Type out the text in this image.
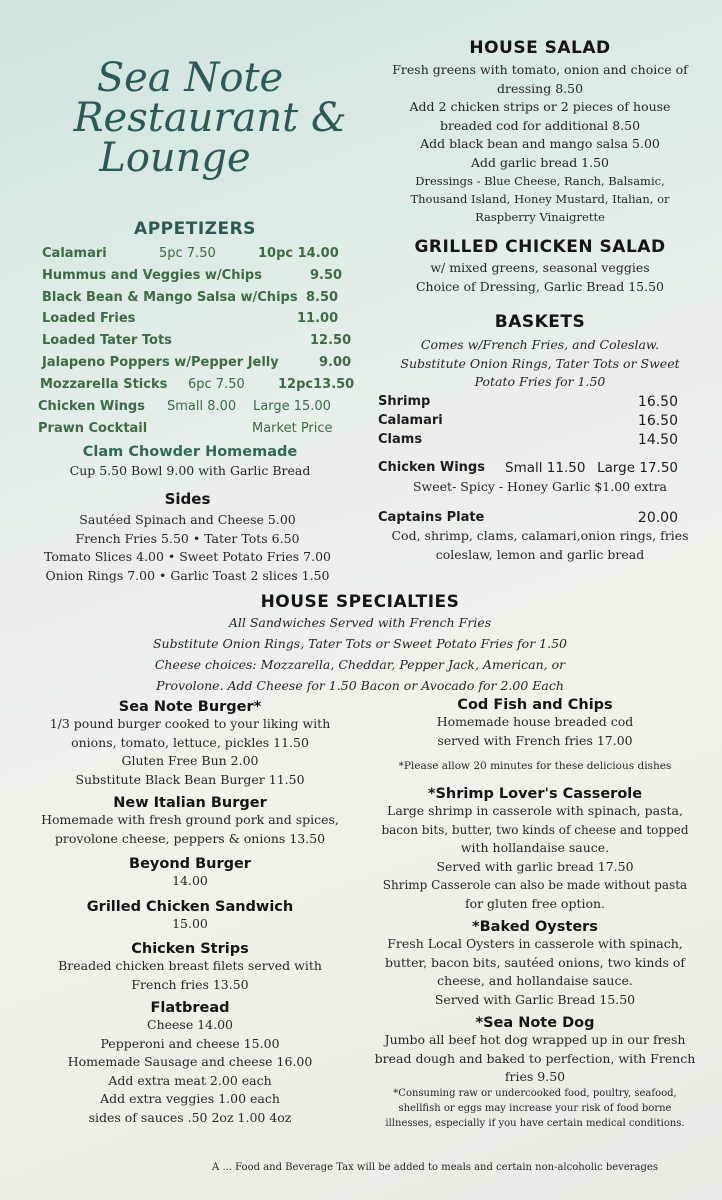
Sea Note
Restaurant &
Lounge
APPETIZERS
Calamari	5pc 7.50	10pc 14.00
Hummus and Veggies w/Chips	9.50
Black Bean & Mango Salsa w/Chips 8.50
Loaded Fries	11.00
Loaded Tater Tots	12.50
Jalapeno Poppers w/Pepper Jelly	9.00
Mozzarella Sticks 6pc 7.50	12pc13.50
Chicken Wings Small 8.00 Large 15.00
Prawn Cocktail	Market Price
Clam Chowder Homemade
Cup 5.50 Bowl 9.00 with Garlic Bread
Sides
Sautéed Spinach and Cheese 5.00
French Fries 5.50 • Tater Tots 6.50
Tomato Slices 4.00 • Sweet Potato Fries 7.00
Onion Rings 7.00 • Garlic Toast 2 slices 1.50
HOUSE SALAD
Fresh greens with tomato, onion and choice of
dressing 8.50
Add 2 chicken strips or 2 pieces of house
breaded cod for additional 8.50
Add black bean and mango salsa 5.00
Add garlic bread 1.50
Dressings - Blue Cheese, Ranch, Balsamic,
Thousand Island, Honey Mustard, Italian, or
Raspberry Vinaigrette
GRILLED CHICKEN SALAD
w/ mixed greens, seasonal veggies
Choice of Dressing, Garlic Bread 15.50
BASKETS
Comes w/French Fries, and Coleslaw.
Substitute Onion Rings, Tater Tots or Sweet
Potato Fries for 1.50
Shrimp	16.50
Calamari	16.50
Clams	14.50
Chicken Wings Small 11.50 Large 17.50
Sweet- Spicy - Honey Garlic $1.00 extra
Captains Plate	20.00
Cod, shrimp, clams, calamari,onion rings, fries
coleslaw, lemon and garlic bread
HOUSE SPECIALTIES
All Sandwiches Served with French Fries
Substitute Onion Rings, Tater Tots or Sweet Potato Fries for 1.50
Cheese choices: Mozzarella, Cheddar, Pepper Jack, American, or
Provolone. Add Cheese for 1.50 Bacon or Avocado for 2.00 Each
Sea Note Burger*
1/3 pound burger cooked to your liking with
onions, tomato, lettuce, pickles 11.50
Gluten Free Bun 2.00
Substitute Black Bean Burger 11.50
New Italian Burger
Homemade with fresh ground pork and spices,
provolone cheese, peppers & onions 13.50
Beyond Burger
14.00
Grilled Chicken Sandwich
15.00
Chicken Strips
Breaded chicken breast filets served with
French fries 13.50
Flatbread
Cheese 14.00
Pepperoni and cheese 15.00
Homemade Sausage and cheese 16.00
Add extra meat 2.00 each
Add extra veggies 1.00 each
sides of sauces .50 2oz 1.00 4oz
Cod Fish and Chips
Homemade house breaded cod
served with French fries 17.00
*Please allow 20 minutes for these delicious dishes
*Shrimp Lover's Casserole
Large shrimp in casserole with spinach, pasta,
bacon bits, butter, two kinds of cheese and topped
with hollandaise sauce.
Served with garlic bread 17.50
Shrimp Casserole can also be made without pasta
for gluten free option.
*Baked Oysters
Fresh Local Oysters in casserole with spinach,
butter, bacon bits, sautéed onions, two kinds of
cheese, and hollandaise sauce.
Served with Garlic Bread 15.50
*Sea Note Dog
Jumbo all beef hot dog wrapped up in our fresh
bread dough and baked to perfection, with French
fries 9.50
*Consuming raw or undercooked food, poultry, seafood,
shellfish or eggs may increase your risk of food borne
illnesses, especially if you have certain medical conditions.
A ... Food and Beverage Tax will be added to meals and certain non-alcoholic beverages
